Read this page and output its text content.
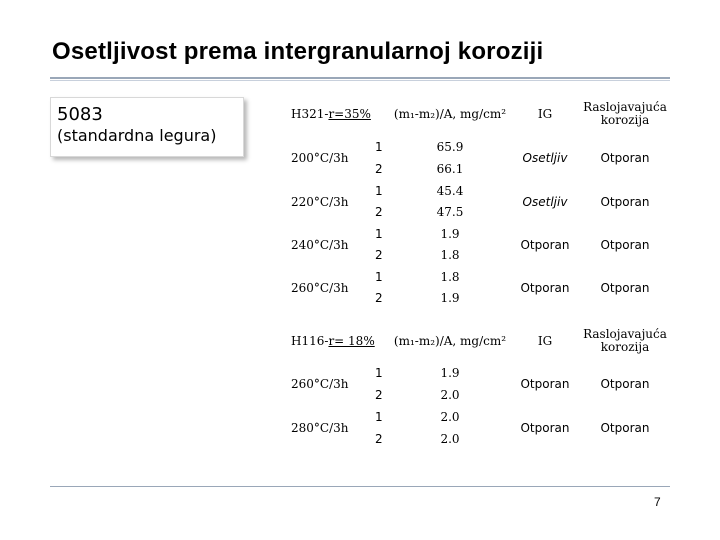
Osetljivost prema intergranularnoj koroziji
5083
(standardna legura)
H321-r=35%		(m₁-m₂)/A, mg/cm²	IG	Raslojavajuća korozija
200°C/3h	1	65.9	Osetljiv	Otporan
	2	66.1		
220°C/3h	1	45.4	Osetljiv	Otporan
	2	47.5		
240°C/3h	1	1.9	Otporan	Otporan
	2	1.8		
260°C/3h	1	1.8	Otporan	Otporan
	2	1.9		
H116-r= 18%		(m₁-m₂)/A, mg/cm²	IG	Raslojavajuća korozija
260°C/3h	1	1.9	Otporan	Otporan
	2	2.0		
280°C/3h	1	2.0	Otporan	Otporan
	2	2.0		
7
